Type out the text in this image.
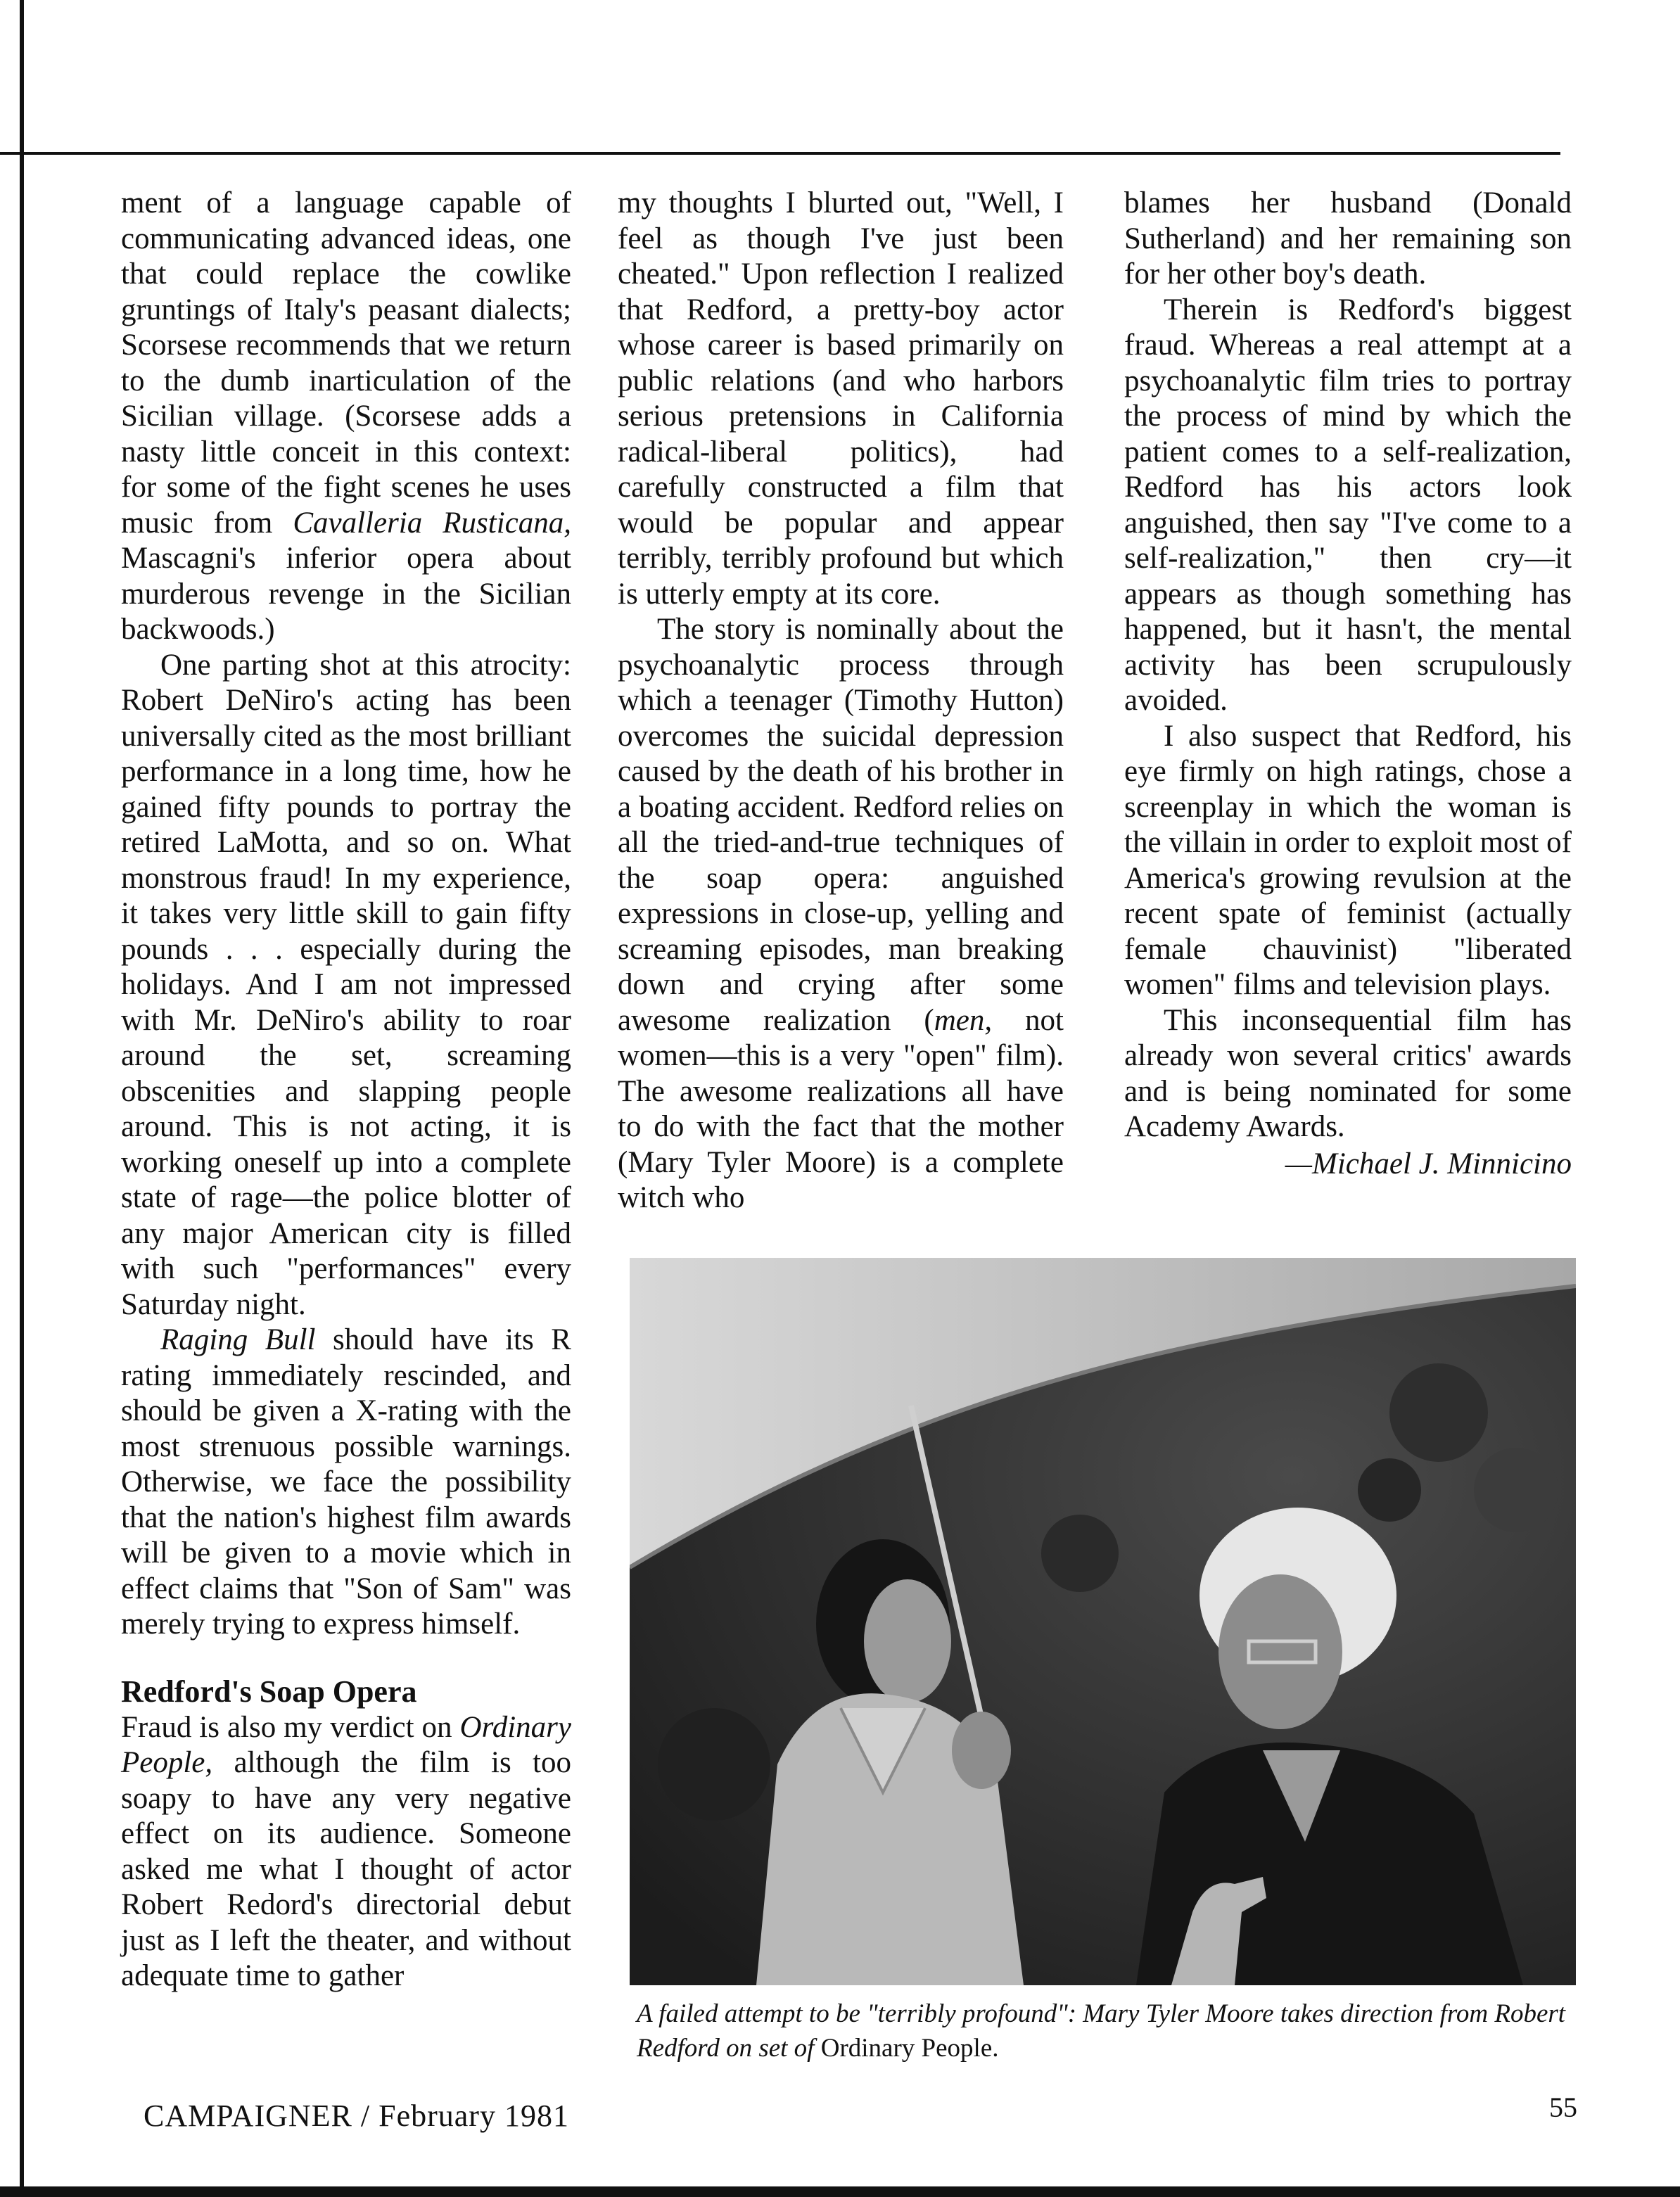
ment of a language capable of communicating advanced ideas, one that could replace the cowlike gruntings of Italy's peasant dialects; Scorsese recommends that we return to the dumb inarticulation of the Sicilian village. (Scorsese adds a nasty little conceit in this context: for some of the fight scenes he uses music from Cavalleria Rusticana, Mascagni's inferior opera about murderous revenge in the Sicilian backwoods.)

One parting shot at this atrocity: Robert DeNiro's acting has been universally cited as the most brilliant performance in a long time, how he gained fifty pounds to portray the retired LaMotta, and so on. What monstrous fraud! In my experience, it takes very little skill to gain fifty pounds . . . especially during the holidays. And I am not impressed with Mr. DeNiro's ability to roar around the set, screaming obscenities and slapping people around. This is not acting, it is working oneself up into a complete state of rage—the police blotter of any major American city is filled with such "performances" every Saturday night.

Raging Bull should have its R rating immediately rescinded, and should be given a X-rating with the most strenuous possible warnings. Otherwise, we face the possibility that the nation's highest film awards will be given to a movie which in effect claims that "Son of Sam" was merely trying to express himself.

Redford's Soap Opera

Fraud is also my verdict on Ordinary People, although the film is too soapy to have any very negative effect on its audience. Someone asked me what I thought of actor Robert Redord's directorial debut just as I left the theater, and without adequate time to gather

my thoughts I blurted out, "Well, I feel as though I've just been cheated." Upon reflection I realized that Redford, a pretty-boy actor whose career is based primarily on public relations (and who harbors serious pretensions in California radical-liberal politics), had carefully constructed a film that would be popular and appear terribly, terribly profound but which is utterly empty at its core.

The story is nominally about the psychoanalytic process through which a teenager (Timothy Hutton) overcomes the suicidal depression caused by the death of his brother in a boating accident. Redford relies on all the tried-and-true techniques of the soap opera: anguished expressions in close-up, yelling and screaming episodes, man breaking down and crying after some awesome realization (men, not women—this is a very "open" film). The awesome realizations all have to do with the fact that the mother (Mary Tyler Moore) is a complete witch who

blames her husband (Donald Sutherland) and her remaining son for her other boy's death.

Therein is Redford's biggest fraud. Whereas a real attempt at a psychoanalytic film tries to portray the process of mind by which the patient comes to a self-realization, Redford has his actors look anguished, then say "I've come to a self-realization," then cry—it appears as though something has happened, but it hasn't, the mental activity has been scrupulously avoided.

I also suspect that Redford, his eye firmly on high ratings, chose a screenplay in which the woman is the villain in order to exploit most of America's growing revulsion at the recent spate of feminist (actually female chauvinist) "liberated women" films and television plays.

This inconsequential film has already won several critics' awards and is being nominated for some Academy Awards.

—Michael J. Minnicino
A failed attempt to be "terribly profound": Mary Tyler Moore takes direction from Robert Redford on set of Ordinary People.
CAMPAIGNER / February 1981	55
